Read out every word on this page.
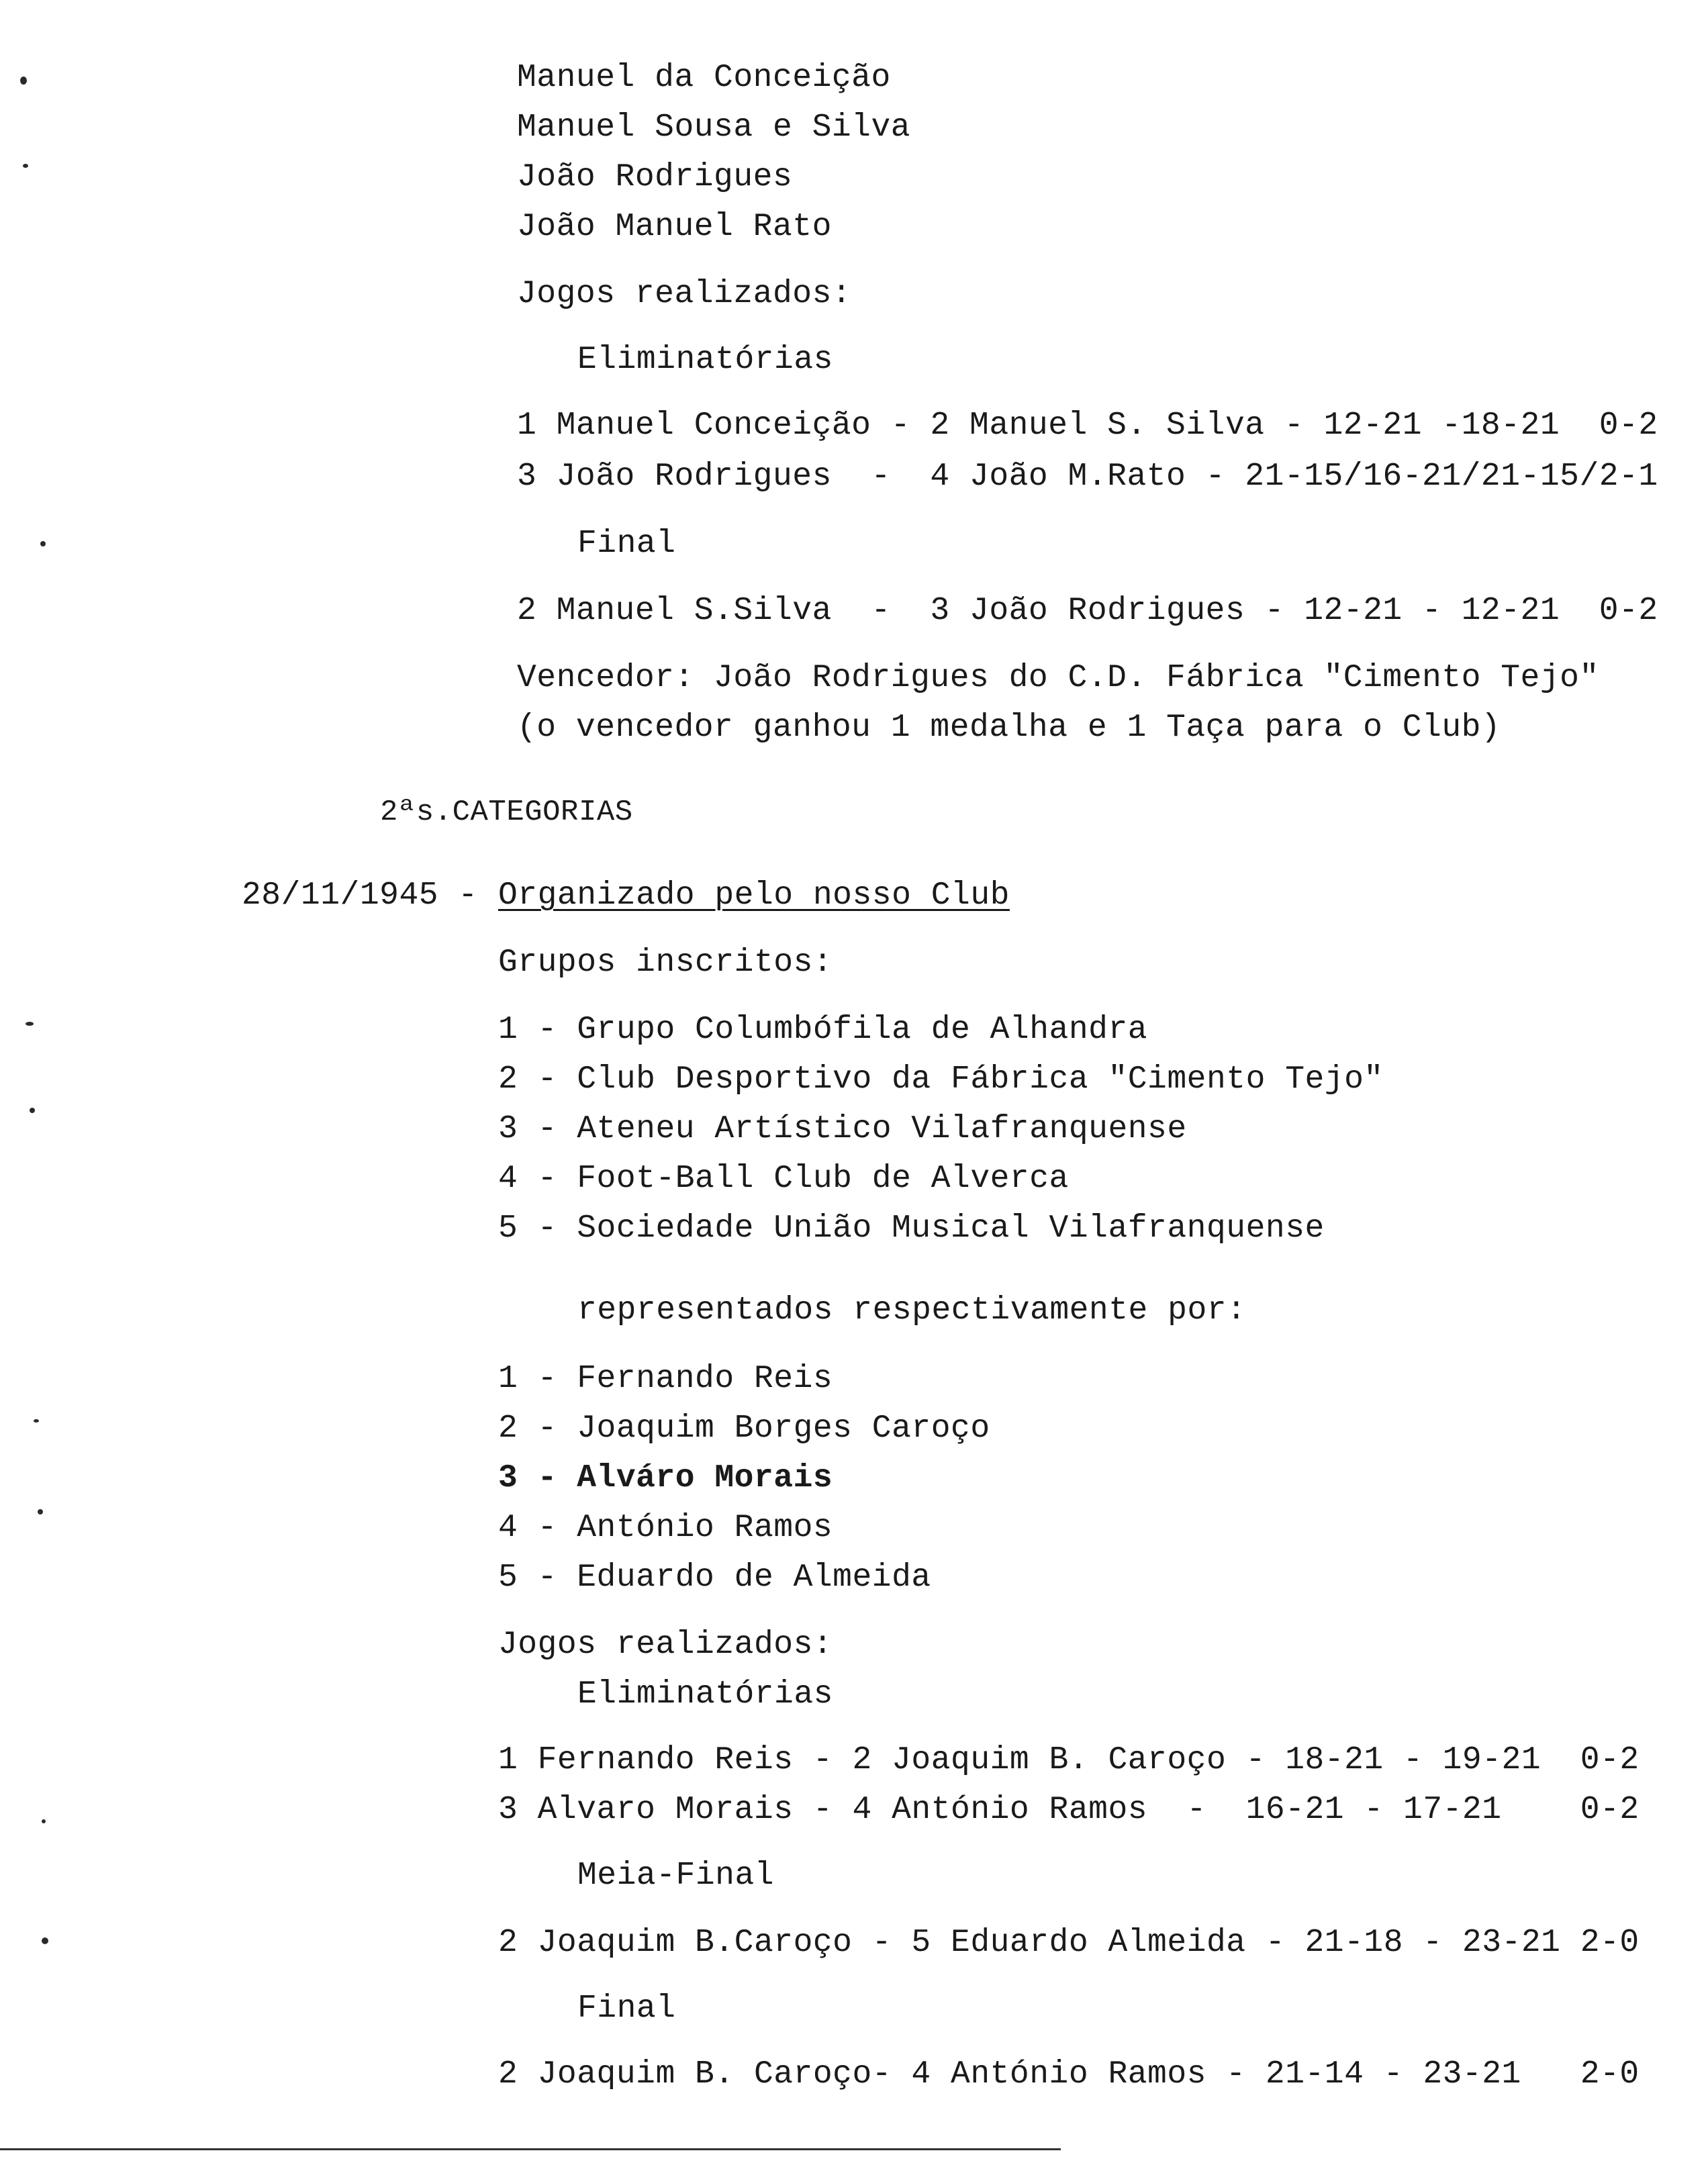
Manuel da Conceição
Manuel Sousa e Silva
João Rodrigues
João Manuel Rato
Jogos realizados:
Eliminatórias
1 Manuel Conceição - 2 Manuel S. Silva - 12-21 -18-21  0-2
3 João Rodrigues  -  4 João M.Rato - 21-15/16-21/21-15/2-1
Final
2 Manuel S.Silva  -  3 João Rodrigues - 12-21 - 12-21  0-2
Vencedor: João Rodrigues do C.D. Fábrica "Cimento Tejo"
(o vencedor ganhou 1 medalha e 1 Taça para o Club)
2ªs.CATEGORIAS
28/11/1945 - Organizado pelo nosso Club
Grupos inscritos:
1 - Grupo Columbófila de Alhandra
2 - Club Desportivo da Fábrica "Cimento Tejo"
3 - Ateneu Artístico Vilafranquense
4 - Foot-Ball Club de Alverca
5 - Sociedade União Musical Vilafranquense
representados respectivamente por:
1 - Fernando Reis
2 - Joaquim Borges Caroço
3 - Alváro Morais
4 - António Ramos
5 - Eduardo de Almeida
Jogos realizados:
Eliminatórias
1 Fernando Reis - 2 Joaquim B. Caroço - 18-21 - 19-21  0-2
3 Alvaro Morais - 4 António Ramos  -  16-21 - 17-21    0-2
Meia-Final
2 Joaquim B.Caroço - 5 Eduardo Almeida - 21-18 - 23-21 2-0
Final
2 Joaquim B. Caroço- 4 António Ramos - 21-14 - 23-21   2-0
